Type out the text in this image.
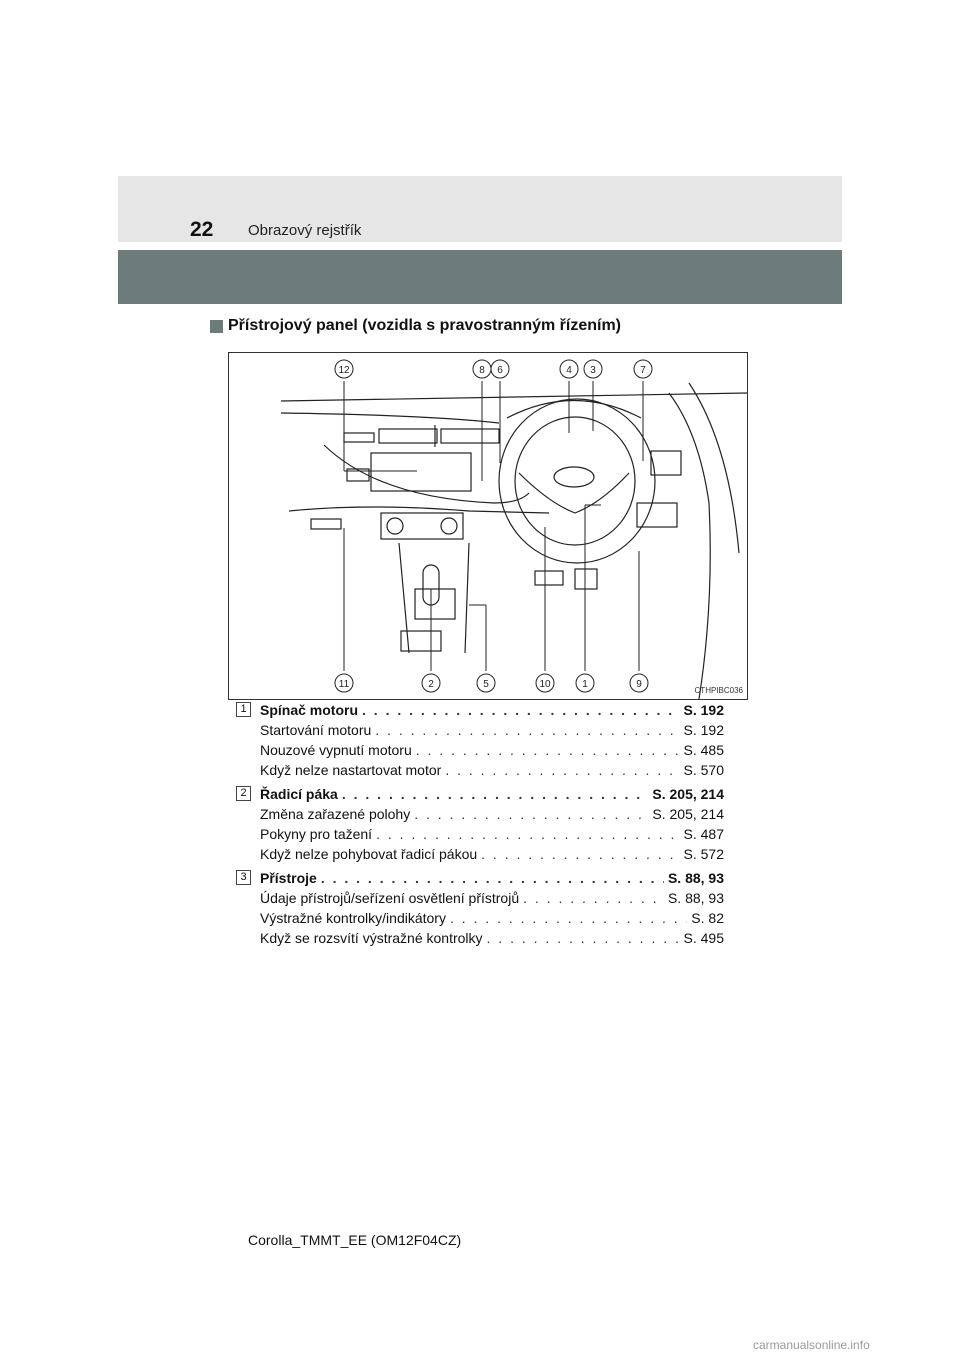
22 Obrazový rejstřík
Přístrojový panel (vozidla s pravostranným řízením)
12	8 6	4 3	7
11	2	5	10	1	9
CTHPIBC036
1 Spínač motoru . . .	S. 192
Startování motoru . . .	S. 192
Nouzové vypnutí motoru . . .	S. 485
Když nelze nastartovat motor . . .	S. 570
2 Řadicí páka . . .	S. 205, 214
Změna zařazené polohy . . .	S. 205, 214
Pokyny pro tažení . . .	S. 487
Když nelze pohybovat řadicí pákou . . .	S. 572
3 Přístroje . . .	S. 88, 93
Údaje přístrojů/seřízení osvětlení přístrojů . . .	S. 88, 93
Výstražné kontrolky/indikátory . . .	S. 82
Když se rozsvítí výstražné kontrolky . . .	S. 495
Corolla_TMMT_EE (OM12F04CZ)
carmanualsonline.info
